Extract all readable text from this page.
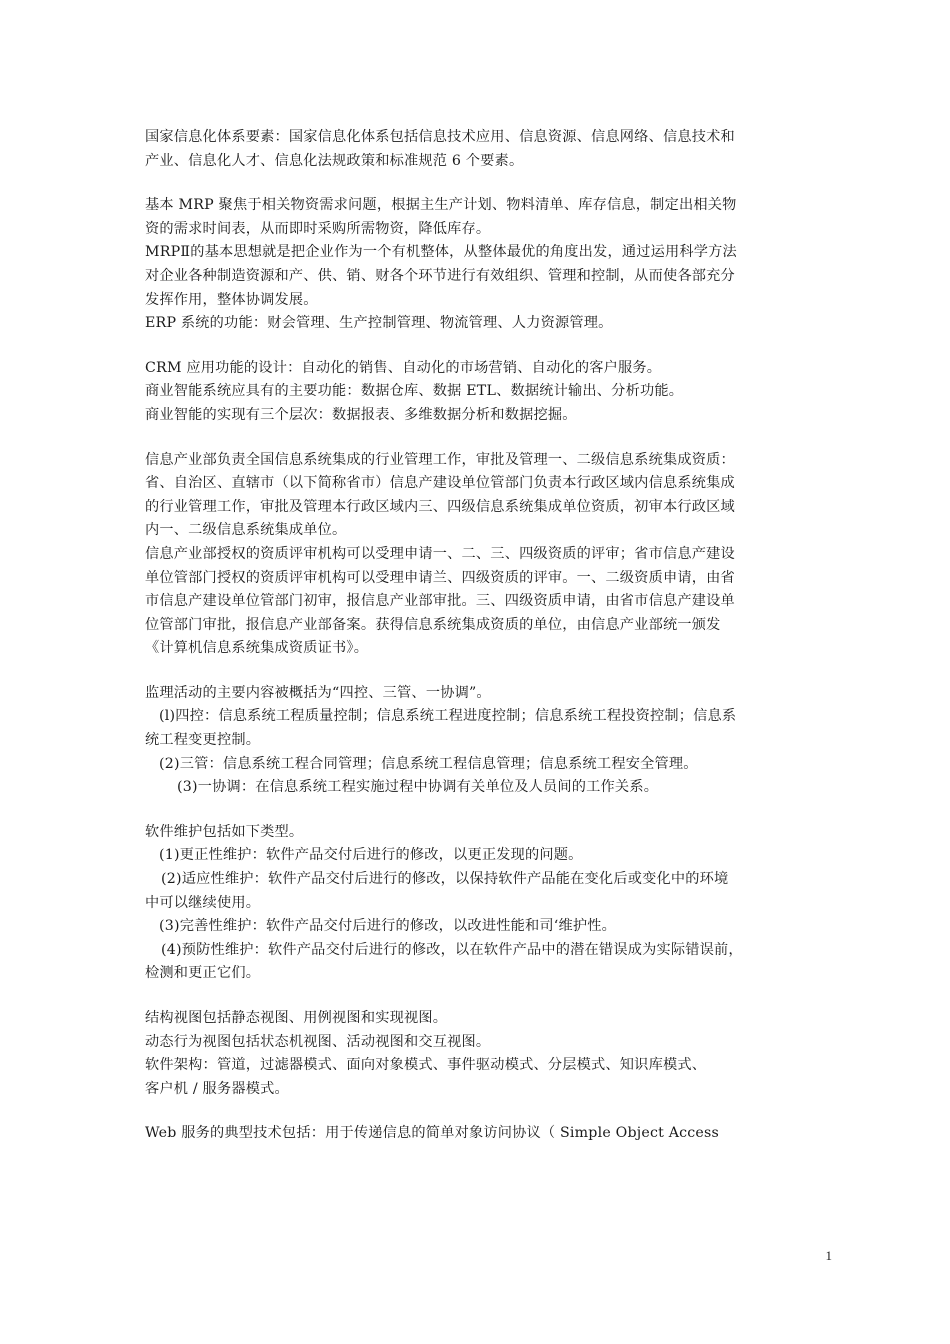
国家信息化体系要素：国家信息化体系包括信息技术应用、信息资源、信息网络、信息技术和
产业、信息化人才、信息化法规政策和标准规范 6 个要素。
基本 MRP 聚焦于相关物资需求问题，根据主生产计划、物料清单、库存信息，制定出相关物
资的需求时间表，从而即时采购所需物资，降低库存。
MRPⅡ的基本思想就是把企业作为一个有机整体，从整体最优的角度出发，通过运用科学方法
对企业各种制造资源和产、供、销、财各个环节进行有效组织、管理和控制，从而使各部充分
发挥作用，整体协调发展。
ERP 系统的功能：财会管理、生产控制管理、物流管理、人力资源管理。
CRM 应用功能的设计：自动化的销售、自动化的市场营销、自动化的客户服务。
商业智能系统应具有的主要功能：数据仓库、数据 ETL、数据统计输出、分析功能。
商业智能的实现有三个层次：数据报表、多维数据分析和数据挖掘。
信息产业部负责全国信息系统集成的行业管理工作，审批及管理一、二级信息系统集成资质：
省、自治区、直辖市（以下简称省市）信息产建设单位管部门负责本行政区域内信息系统集成
的行业管理工作，审批及管理本行政区域内三、四级信息系统集成单位资质，初审本行政区域
内一、二级信息系统集成单位。
信息产业部授权的资质评审机构可以受理申请一、二、三、四级资质的评审；省市信息产建设
单位管部门授权的资质评审机构可以受理申请兰、四级资质的评审。一、二级资质申请，由省
市信息产建设单位管部门初审，报信息产业部审批。三、四级资质申请，由省市信息产建设单
位管部门审批，报信息产业部备案。获得信息系统集成资质的单位，由信息产业部统一颁发
《计算机信息系统集成资质证书》。
监理活动的主要内容被概括为“四控、三管、一协调”。
(l)四控：信息系统工程质量控制；信息系统工程进度控制；信息系统工程投资控制；信息系
统工程变更控制。
(2)三管：信息系统工程合同管理；信息系统工程信息管理；信息系统工程安全管理。
(3)一协调：在信息系统工程实施过程中协调有关单位及人员间的工作关系。
软件维护包括如下类型。
(1)更正性维护：软件产品交付后进行的修改，以更正发现的问题。
(2)适应性维护：软件产品交付后进行的修改，以保持软件产品能在变化后或变化中的环境
中可以继续使用。
(3)完善性维护：软件产品交付后进行的修改，以改进性能和司‘维护性。
(4)预防性维护：软件产品交付后进行的修改，以在软件产品中的潜在错误成为实际错误前，
检测和更正它们。
结构视图包括静态视图、用例视图和实现视图。
动态行为视图包括状态机视图、活动视图和交互视图。
软件架构：管道，过滤器模式、面向对象模式、事件驱动模式、分层模式、知识库模式、
客户机 / 服务器模式。
Web 服务的典型技术包括：用于传递信息的简单对象访问协议（ Simple Object Access
1
